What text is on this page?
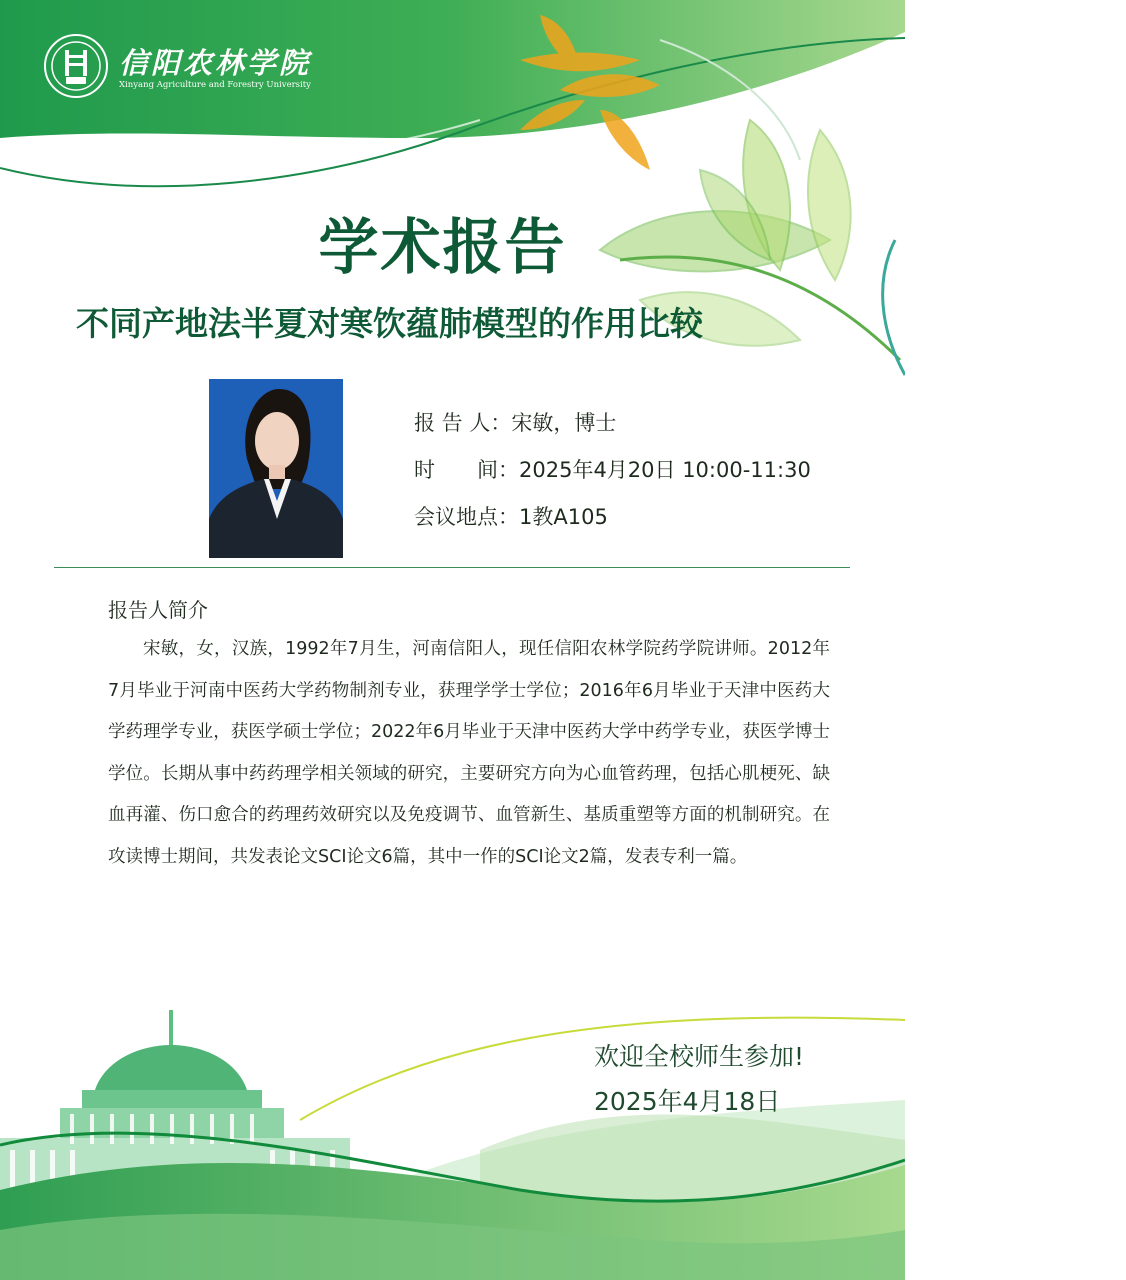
信阳农林学院
Xinyang Agriculture and Forestry University
学术报告
不同产地法半夏对寒饮蕴肺模型的作用比较
报 告 人：宋敏，博士
时　　间：2025年4月20日 10:00-11:30
会议地点：1教A105
报告人简介
宋敏，女，汉族，1992年7月生，河南信阳人，现任信阳农林学院药学院讲师。2012年7月毕业于河南中医药大学药物制剂专业，获理学学士学位；2016年6月毕业于天津中医药大学药理学专业，获医学硕士学位；2022年6月毕业于天津中医药大学中药学专业，获医学博士学位。长期从事中药药理学相关领域的研究，主要研究方向为心血管药理，包括心肌梗死、缺血再灌、伤口愈合的药理药效研究以及免疫调节、血管新生、基质重塑等方面的机制研究。在攻读博士期间，共发表论文SCI论文6篇，其中一作的SCI论文2篇，发表专利一篇。
欢迎全校师生参加!
2025年4月18日
